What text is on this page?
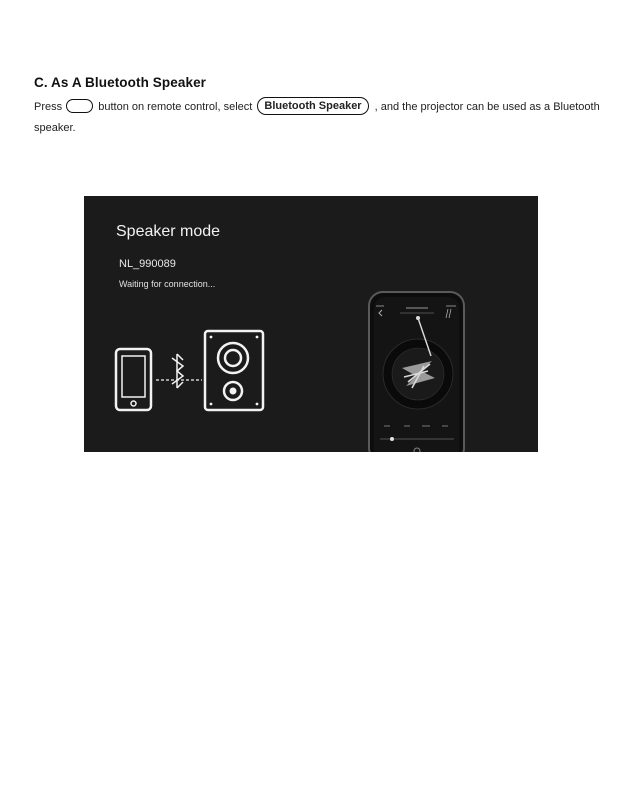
C. As A Bluetooth Speaker
Press	button on remote control, select Bluetooth Speaker , and the projector can be used as a Bluetooth speaker.
Speaker mode
NL_990089
Waiting for connection...
